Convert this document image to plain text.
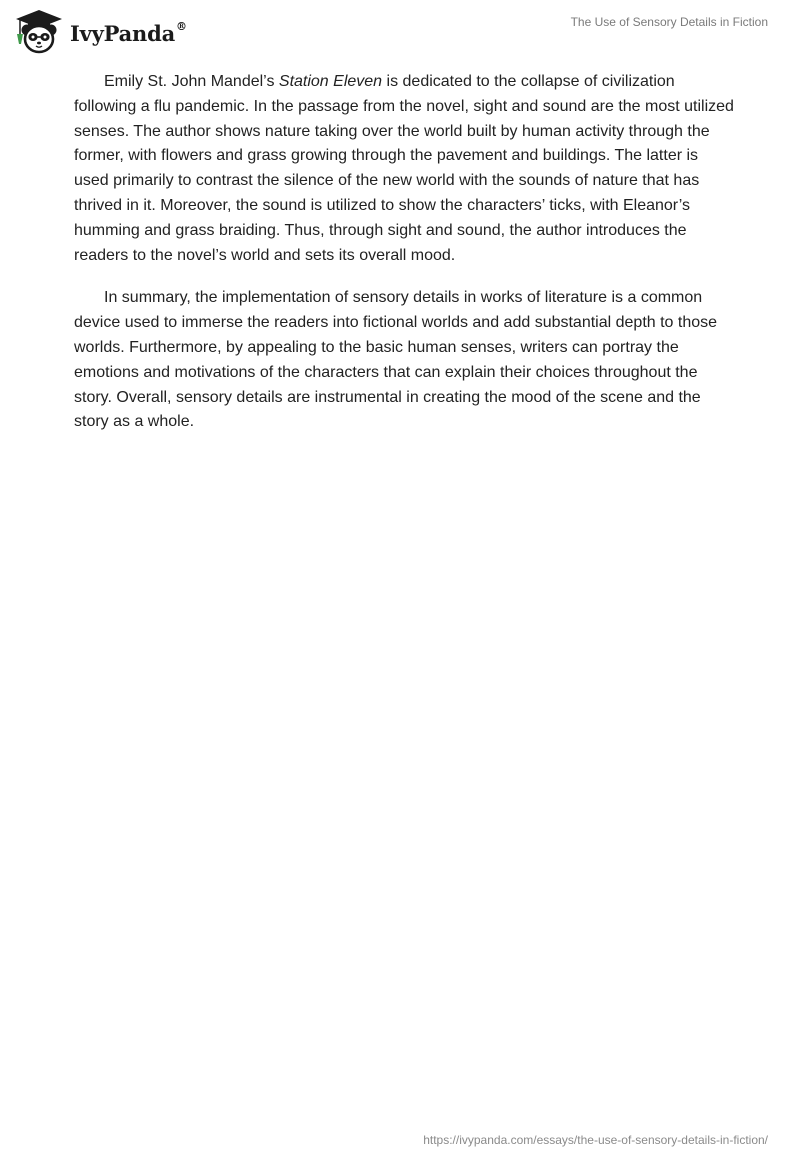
IvyPanda®	The Use of Sensory Details in Fiction

Emily St. John Mandel’s Station Eleven is dedicated to the collapse of civilization following a flu pandemic. In the passage from the novel, sight and sound are the most utilized senses. The author shows nature taking over the world built by human activity through the former, with flowers and grass growing through the pavement and buildings. The latter is used primarily to contrast the silence of the new world with the sounds of nature that has thrived in it. Moreover, the sound is utilized to show the characters’ ticks, with Eleanor’s humming and grass braiding. Thus, through sight and sound, the author introduces the readers to the novel’s world and sets its overall mood.

In summary, the implementation of sensory details in works of literature is a common device used to immerse the readers into fictional worlds and add substantial depth to those worlds. Furthermore, by appealing to the basic human senses, writers can portray the emotions and motivations of the characters that can explain their choices throughout the story. Overall, sensory details are instrumental in creating the mood of the scene and the story as a whole.

https://ivypanda.com/essays/the-use-of-sensory-details-in-fiction/
